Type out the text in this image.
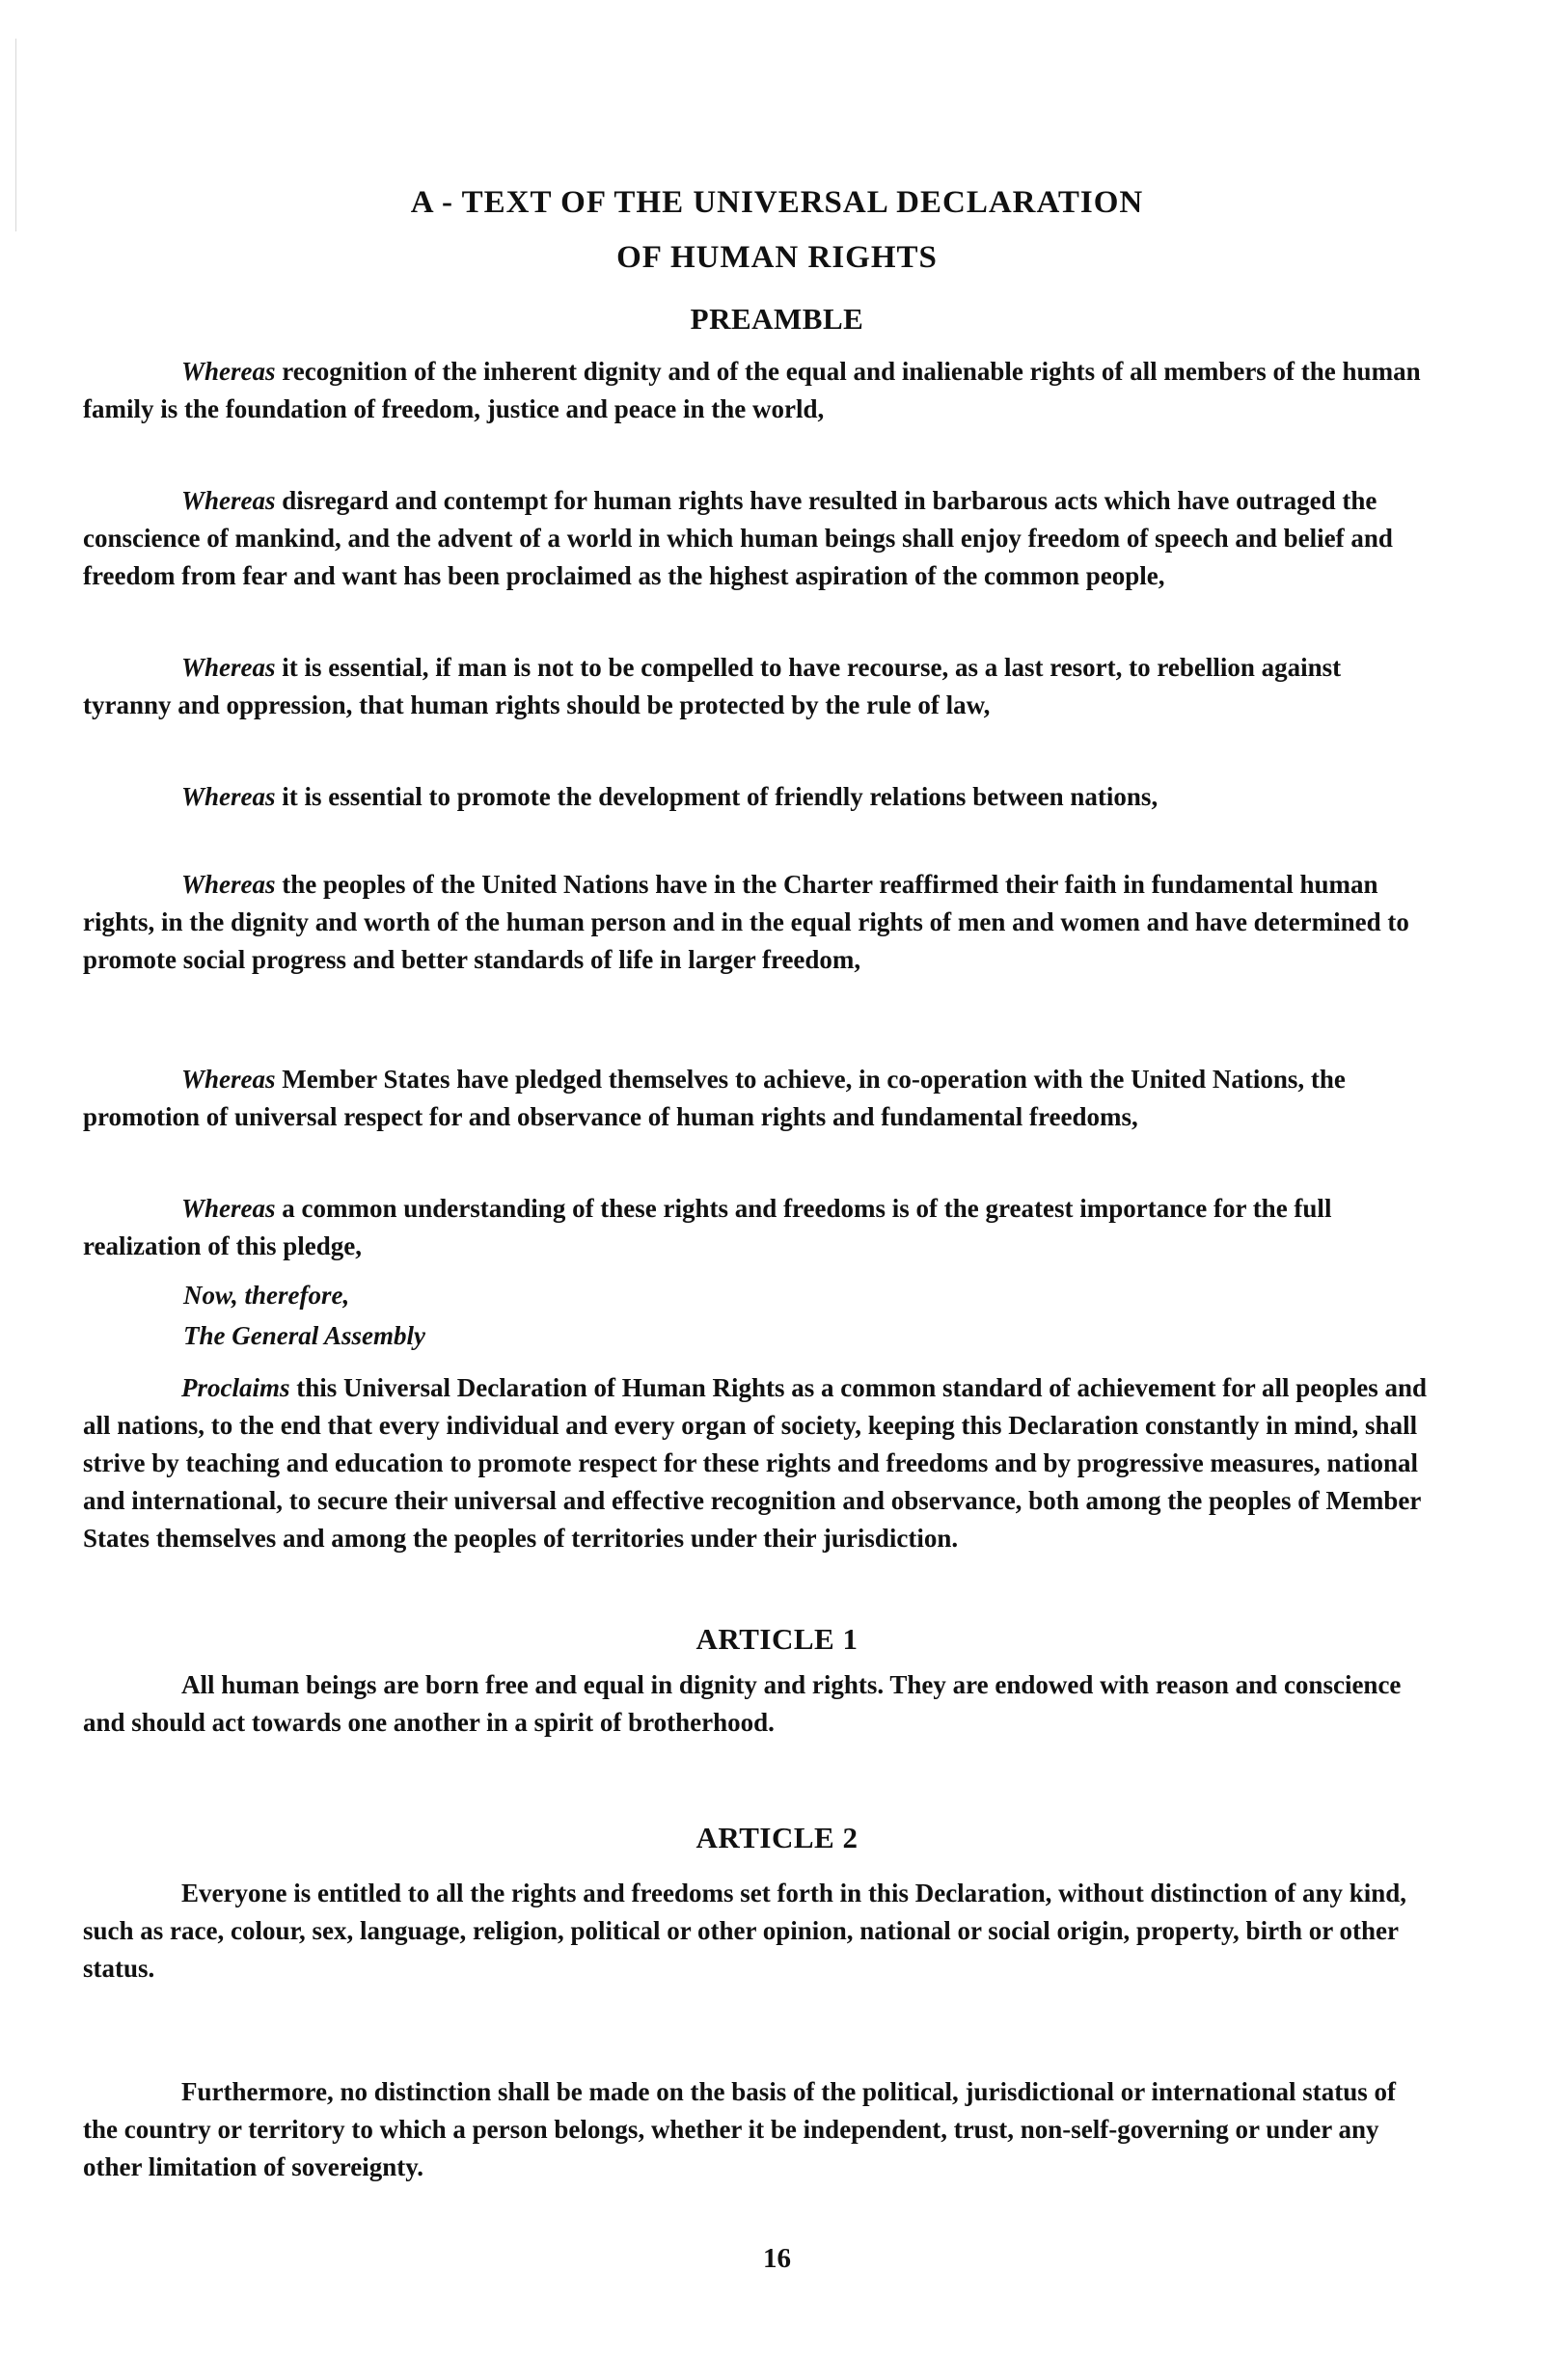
A - TEXT OF THE UNIVERSAL DECLARATION
OF HUMAN RIGHTS
PREAMBLE

Whereas recognition of the inherent dignity and of the equal and inalienable rights of all members of the human family is the foundation of freedom, justice and peace in the world,

Whereas disregard and contempt for human rights have resulted in barbarous acts which have outraged the conscience of mankind, and the advent of a world in which human beings shall enjoy freedom of speech and belief and freedom from fear and want has been proclaimed as the highest aspiration of the common people,

Whereas it is essential, if man is not to be compelled to have recourse, as a last resort, to rebellion against tyranny and oppression, that human rights should be protected by the rule of law,

Whereas it is essential to promote the development of friendly relations between nations,

Whereas the peoples of the United Nations have in the Charter reaffirmed their faith in fundamental human rights, in the dignity and worth of the human person and in the equal rights of men and women and have determined to promote social progress and better standards of life in larger freedom,

Whereas Member States have pledged themselves to achieve, in co-operation with the United Nations, the promotion of universal respect for and observance of human rights and fundamental freedoms,

Whereas a common understanding of these rights and freedoms is of the greatest importance for the full realization of this pledge,

Now, therefore,

The General Assembly

Proclaims this Universal Declaration of Human Rights as a common standard of achievement for all peoples and all nations, to the end that every individual and every organ of society, keeping this Declaration constantly in mind, shall strive by teaching and education to promote respect for these rights and freedoms and by progressive measures, national and international, to secure their universal and effective recognition and observance, both among the peoples of Member States themselves and among the peoples of territories under their jurisdiction.

ARTICLE 1

All human beings are born free and equal in dignity and rights. They are endowed with reason and conscience and should act towards one another in a spirit of brotherhood.

ARTICLE 2

Everyone is entitled to all the rights and freedoms set forth in this Declaration, without distinction of any kind, such as race, colour, sex, language, religion, political or other opinion, national or social origin, property, birth or other status.

Furthermore, no distinction shall be made on the basis of the political, jurisdictional or international status of the country or territory to which a person belongs, whether it be independent, trust, non-self-governing or under any other limitation of sovereignty.

16
